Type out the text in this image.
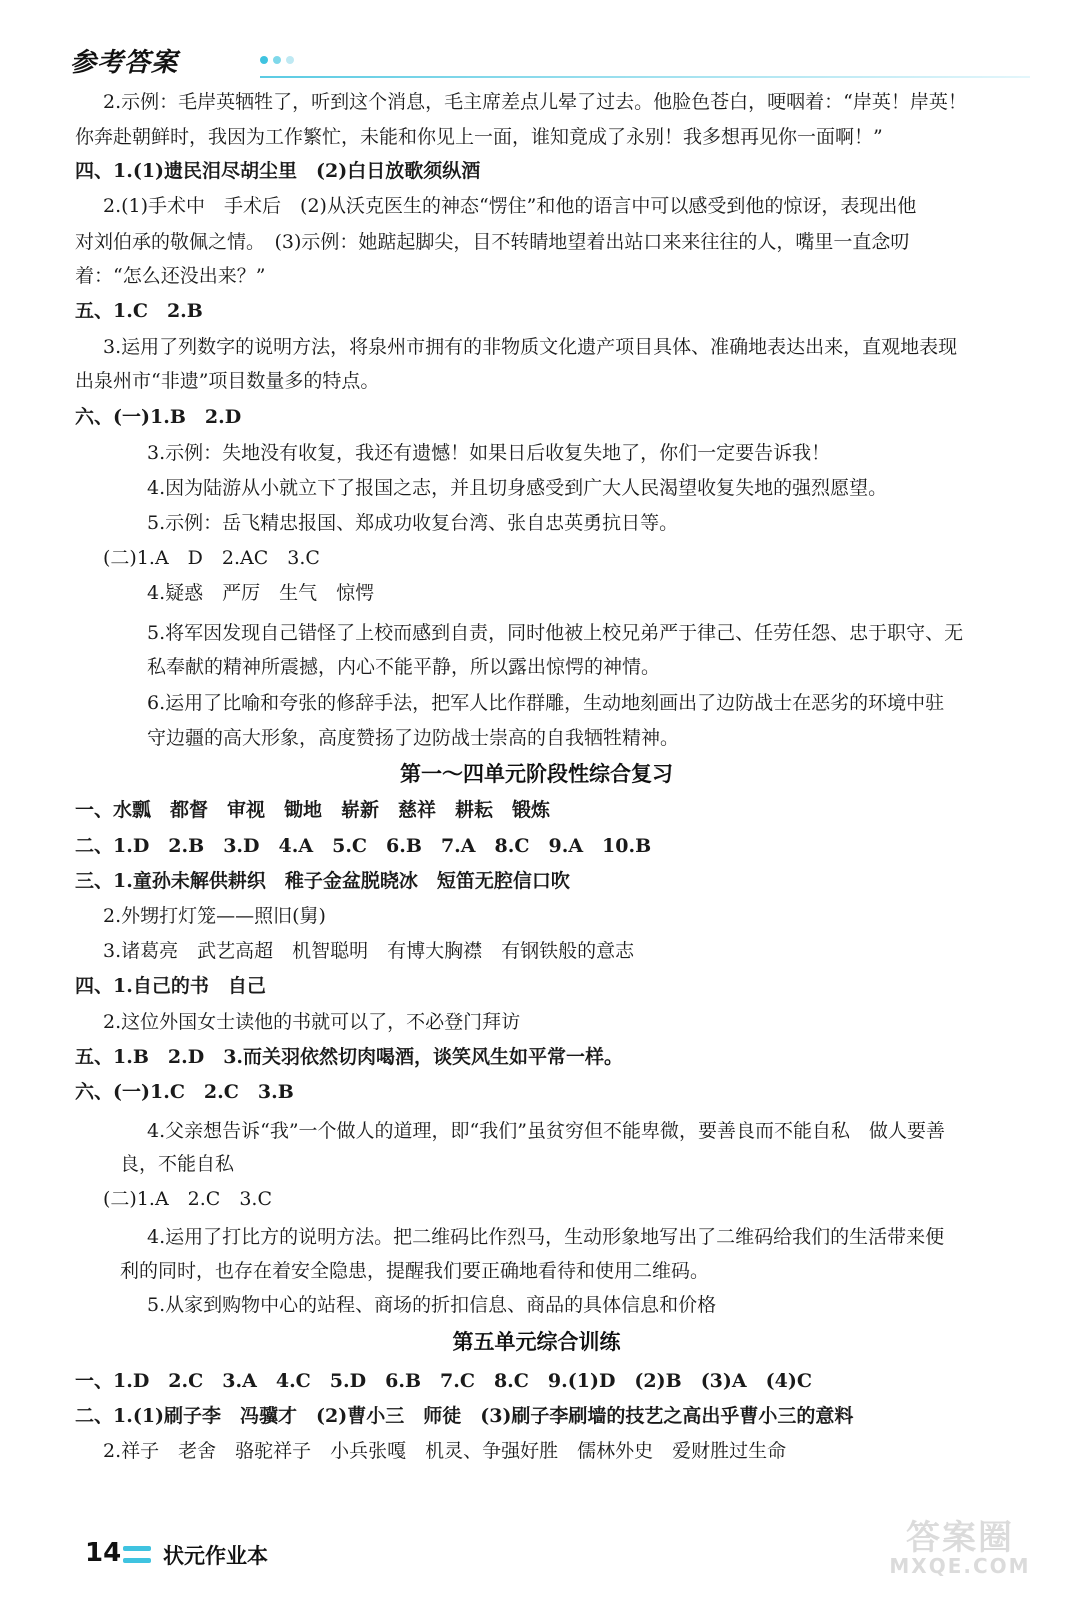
参考答案
2.示例：毛岸英牺牲了，听到这个消息，毛主席差点儿晕了过去。他脸色苍白，哽咽着：“岸英！岸英！
你奔赴朝鲜时，我因为工作繁忙，未能和你见上一面，谁知竟成了永别！我多想再见你一面啊！”
四、1.(1)遗民泪尽胡尘里　(2)白日放歌须纵酒
2.(1)手术中　手术后　(2)从沃克医生的神态“愣住”和他的语言中可以感受到他的惊讶，表现出他
对刘伯承的敬佩之情。　(3)示例：她踮起脚尖，目不转睛地望着出站口来来往往的人，嘴里一直念叨
着：“怎么还没出来？”
五、1.C　2.B
3.运用了列数字的说明方法，将泉州市拥有的非物质文化遗产项目具体、准确地表达出来，直观地表现
出泉州市“非遗”项目数量多的特点。
六、(一)1.B　2.D
3.示例：失地没有收复，我还有遗憾！如果日后收复失地了，你们一定要告诉我！
4.因为陆游从小就立下了报国之志，并且切身感受到广大人民渴望收复失地的强烈愿望。
5.示例：岳飞精忠报国、郑成功收复台湾、张自忠英勇抗日等。
(二)1.A　D　2.AC　3.C
4.疑惑　严厉　生气　惊愕
5.将军因发现自己错怪了上校而感到自责，同时他被上校兄弟严于律己、任劳任怨、忠于职守、无
私奉献的精神所震撼，内心不能平静，所以露出惊愕的神情。
6.运用了比喻和夸张的修辞手法，把军人比作群雕，生动地刻画出了边防战士在恶劣的环境中驻
守边疆的高大形象，高度赞扬了边防战士崇高的自我牺牲精神。
第一～四单元阶段性综合复习
一、水瓢　都督　审视　锄地　崭新　慈祥　耕耘　锻炼
二、1.D　2.B　3.D　4.A　5.C　6.B　7.A　8.C　9.A　10.B
三、1.童孙未解供耕织　稚子金盆脱晓冰　短笛无腔信口吹
2.外甥打灯笼——照旧(舅)
3.诸葛亮　武艺高超　机智聪明　有博大胸襟　有钢铁般的意志
四、1.自己的书　自己
2.这位外国女士读他的书就可以了，不必登门拜访
五、1.B　2.D　3.而关羽依然切肉喝酒，谈笑风生如平常一样。
六、(一)1.C　2.C　3.B
4.父亲想告诉“我”一个做人的道理，即“我们”虽贫穷但不能卑微，要善良而不能自私　做人要善
良，不能自私
(二)1.A　2.C　3.C
4.运用了打比方的说明方法。把二维码比作烈马，生动形象地写出了二维码给我们的生活带来便
利的同时，也存在着安全隐患，提醒我们要正确地看待和使用二维码。
5.从家到购物中心的站程、商场的折扣信息、商品的具体信息和价格
第五单元综合训练
一、1.D　2.C　3.A　4.C　5.D　6.B　7.C　8.C　9.(1)D　(2)B　(3)A　(4)C
二、1.(1)刷子李　冯骥才　(2)曹小三　师徒　(3)刷子李刷墙的技艺之高出乎曹小三的意料
2.祥子　老舍　骆驼祥子　小兵张嘎　机灵、争强好胜　儒林外史　爱财胜过生命
14 状元作业本	答案圈
MXQE.COM
